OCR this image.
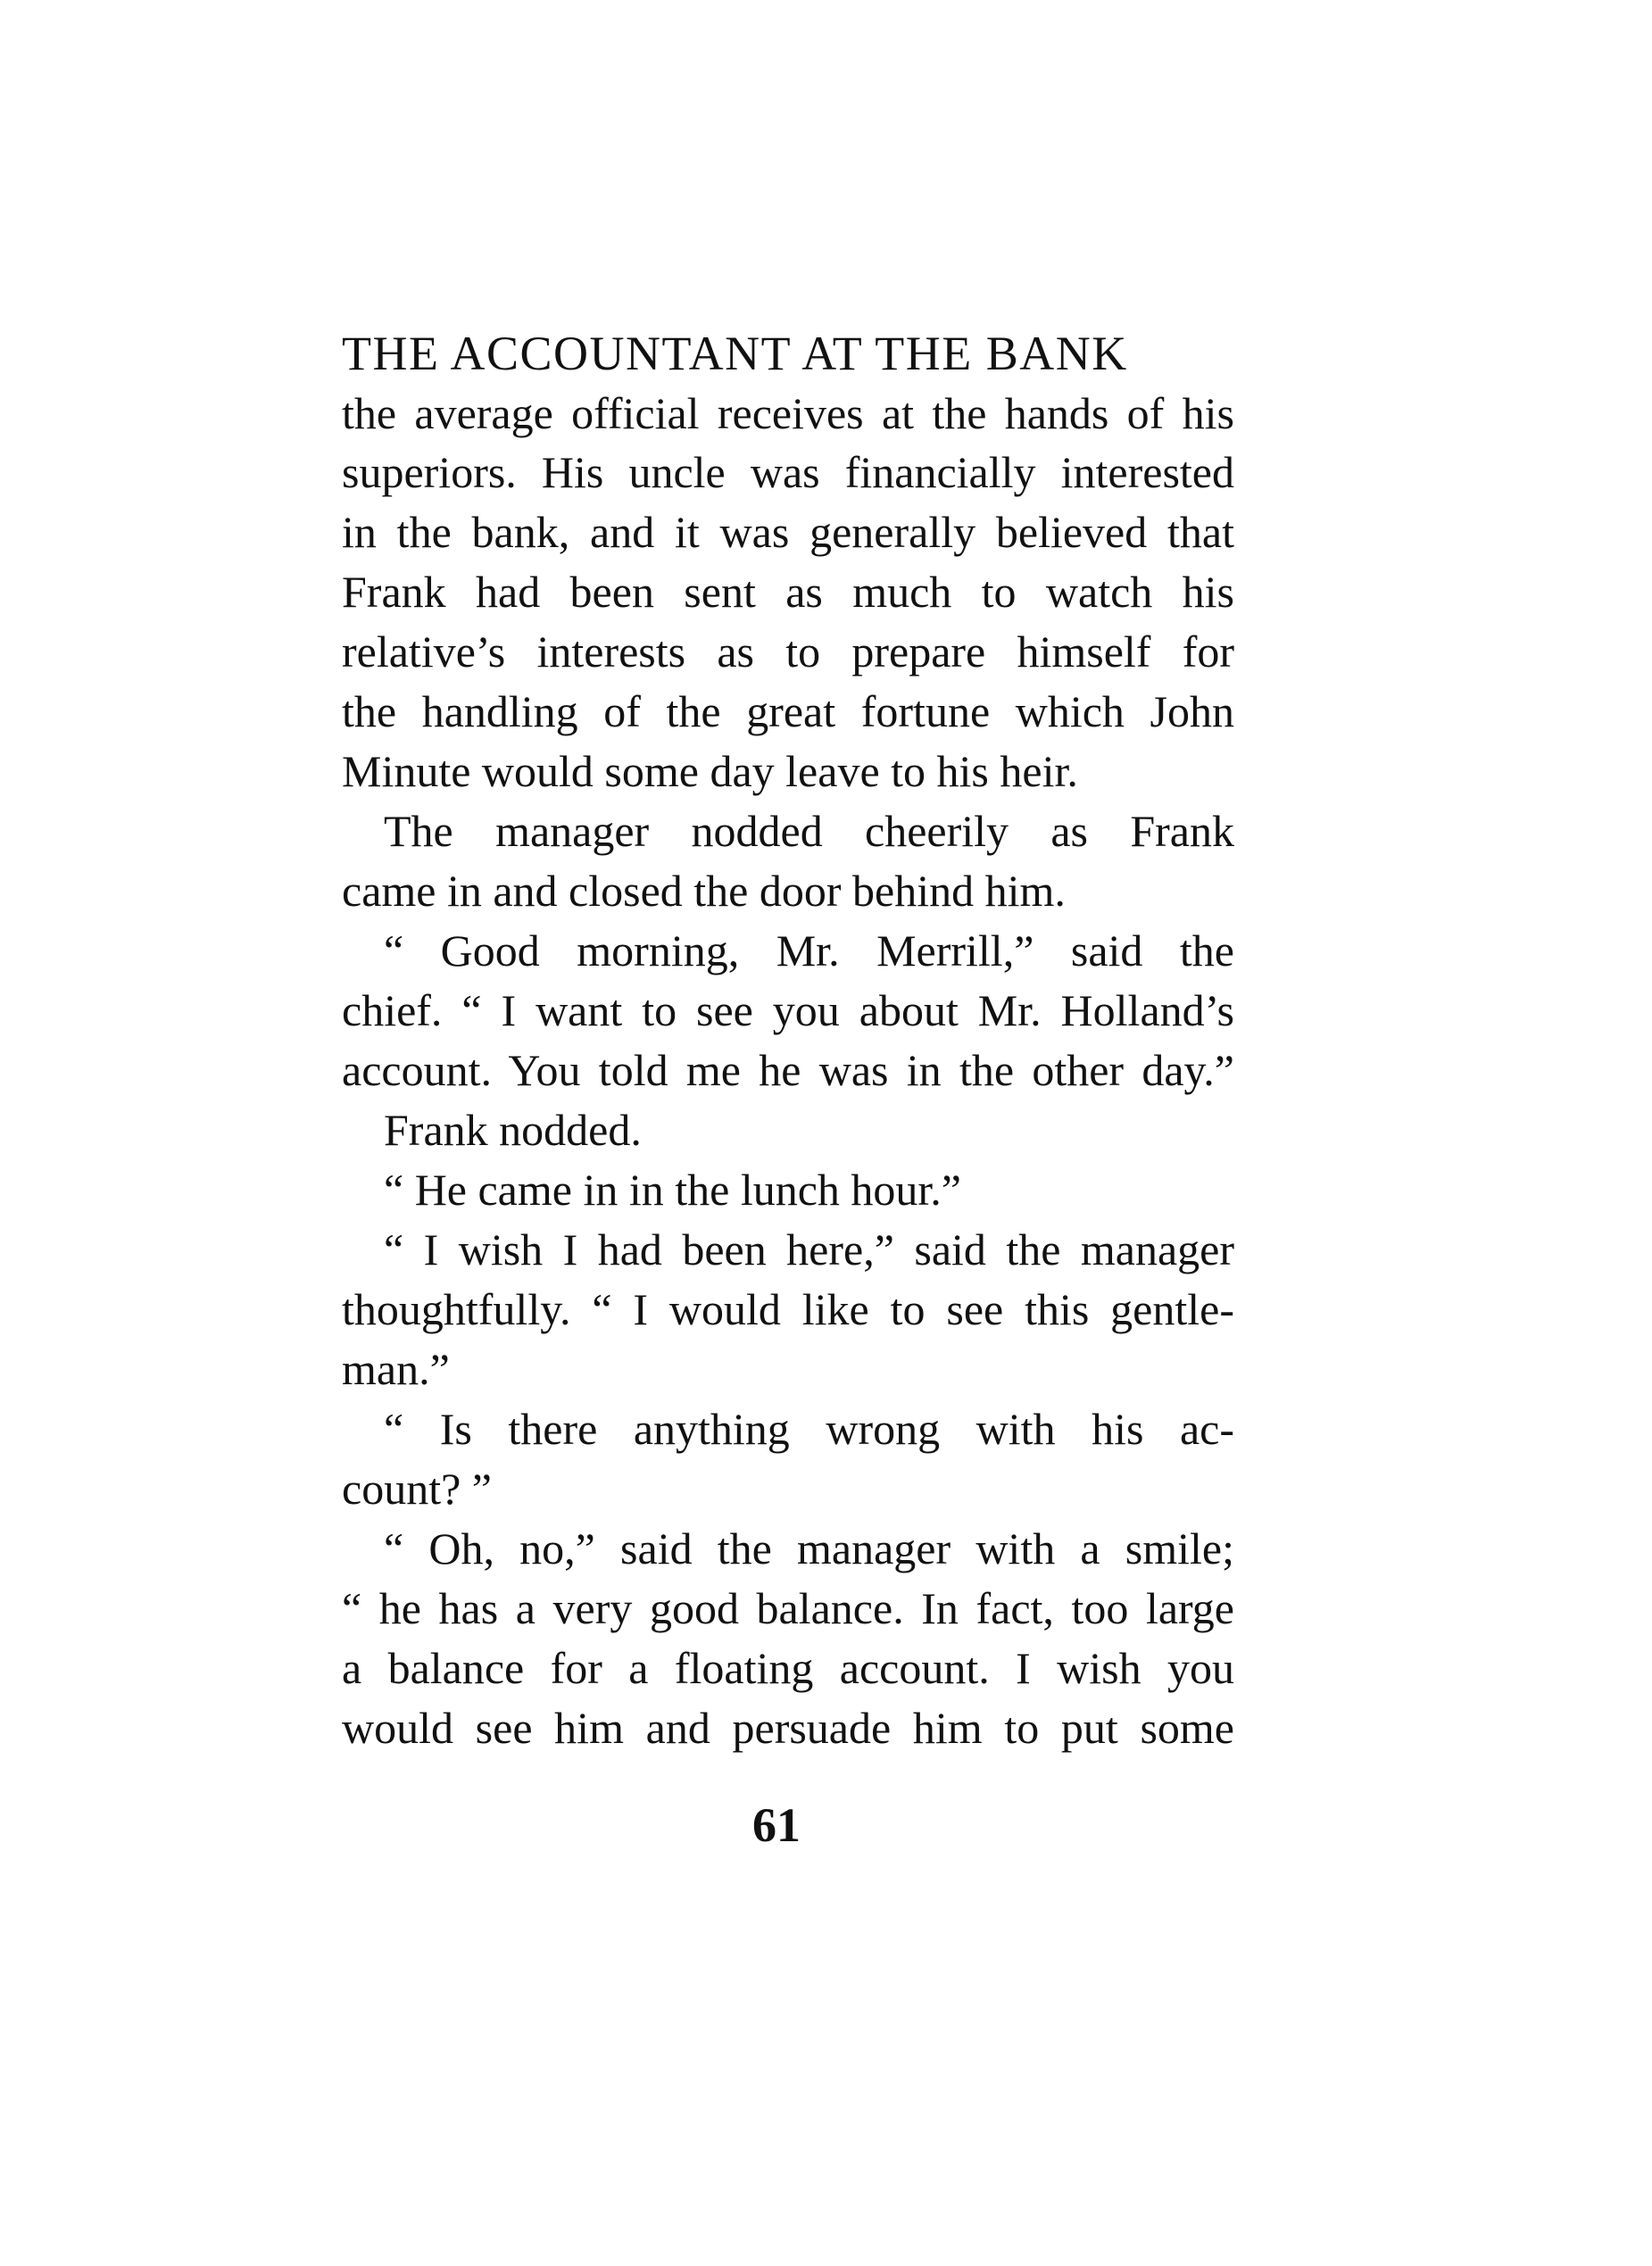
THE ACCOUNTANT AT THE BANK
the average official receives at the hands of his
superiors. His uncle was financially interested
in the bank, and it was generally believed that
Frank had been sent as much to watch his
relative’s interests as to prepare himself for
the handling of the great fortune which John
Minute would some day leave to his heir.
The manager nodded cheerily as Frank
came in and closed the door behind him.
“ Good morning, Mr. Merrill,” said the
chief. “ I want to see you about Mr. Holland’s
account. You told me he was in the other day.”
Frank nodded.
“ He came in in the lunch hour.”
“ I wish I had been here,” said the manager
thoughtfully. “ I would like to see this gentle-
man.”
“ Is there anything wrong with his ac-
count? ”
“ Oh, no,” said the manager with a smile;
“ he has a very good balance. In fact, too large
a balance for a floating account. I wish you
would see him and persuade him to put some
61
